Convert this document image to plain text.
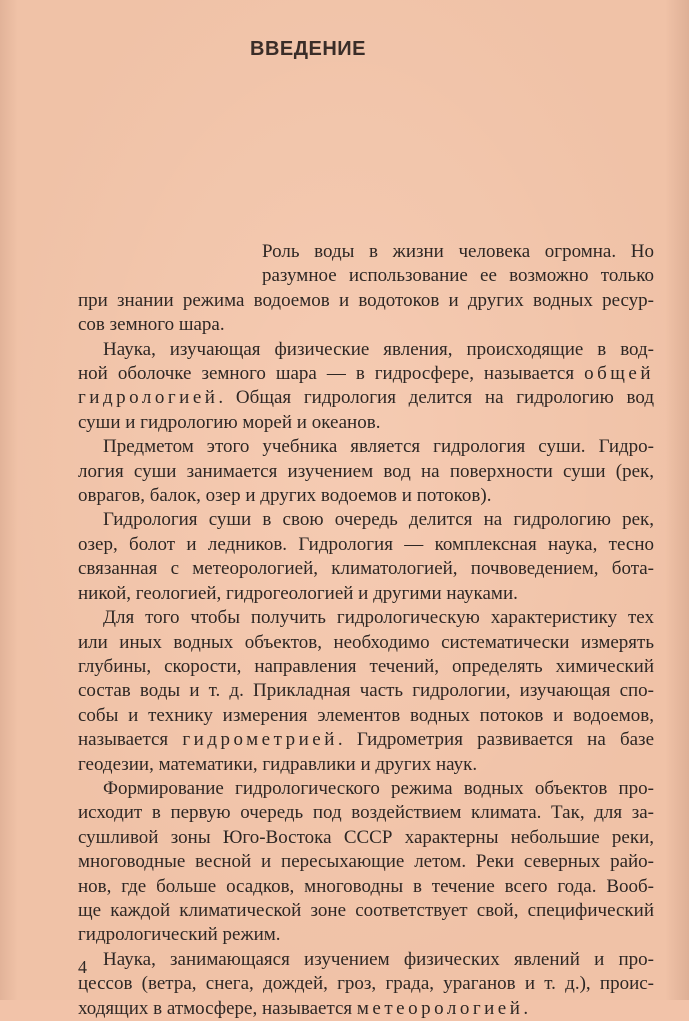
ВВЕДЕНИЕ
Роль воды в жизни человека огромна. Но
разумное использование ее возможно только
при знании режима водоемов и водотоков и других водных ресур-
сов земного шара.
Наука, изучающая физические явления, происходящие в вод-
ной оболочке земного шара — в гидросфере, называется общей
гидрологией. Общая гидрология делится на гидрологию вод
суши и гидрологию морей и океанов.
Предметом этого учебника является гидрология суши. Гидро-
логия суши занимается изучением вод на поверхности суши (рек,
оврагов, балок, озер и других водоемов и потоков).
Гидрология суши в свою очередь делится на гидрологию рек,
озер, болот и ледников. Гидрология — комплексная наука, тесно
связанная с метеорологией, климатологией, почвоведением, бота-
никой, геологией, гидрогеологией и другими науками.
Для того чтобы получить гидрологическую характеристику тех
или иных водных объектов, необходимо систематически измерять
глубины, скорости, направления течений, определять химический
состав воды и т. д. Прикладная часть гидрологии, изучающая спо-
собы и технику измерения элементов водных потоков и водоемов,
называется гидрометрией. Гидрометрия развивается на базе
геодезии, математики, гидравлики и других наук.
Формирование гидрологического режима водных объектов про-
исходит в первую очередь под воздействием климата. Так, для за-
сушливой зоны Юго-Востока СССР характерны небольшие реки,
многоводные весной и пересыхающие летом. Реки северных райо-
нов, где больше осадков, многоводны в течение всего года. Вооб-
ще каждой климатической зоне соответствует свой, специфический
гидрологический режим.
Наука, занимающаяся изучением физических явлений и про-
цессов (ветра, снега, дождей, гроз, града, ураганов и т. д.), проис-
ходящих в атмосфере, называется метеорологией.
4
